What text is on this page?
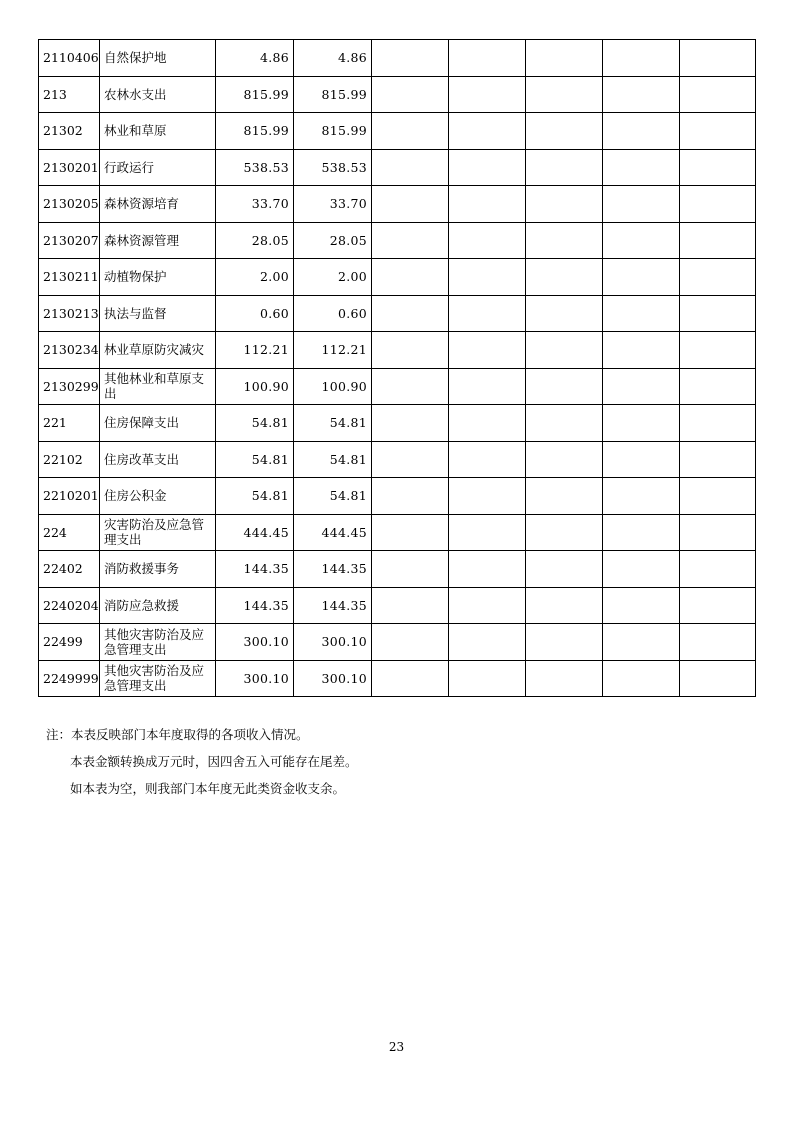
2110406	自然保护地	4.86	4.86					
213	农林水支出	815.99	815.99					
21302	林业和草原	815.99	815.99					
2130201	行政运行	538.53	538.53					
2130205	森林资源培育	33.70	33.70					
2130207	森林资源管理	28.05	28.05					
2130211	动植物保护	2.00	2.00					
2130213	执法与监督	0.60	0.60					
2130234	林业草原防灾减灾	112.21	112.21					
2130299	其他林业和草原支出	100.90	100.90					
221	住房保障支出	54.81	54.81					
22102	住房改革支出	54.81	54.81					
2210201	住房公积金	54.81	54.81					
224	灾害防治及应急管理支出	444.45	444.45					
22402	消防救援事务	144.35	144.35					
2240204	消防应急救援	144.35	144.35					
22499	其他灾害防治及应急管理支出	300.10	300.10					
2249999	其他灾害防治及应急管理支出	300.10	300.10					

注：本表反映部门本年度取得的各项收入情况。

本表金额转换成万元时，因四舍五入可能存在尾差。

如本表为空，则我部门本年度无此类资金收支余。

23
